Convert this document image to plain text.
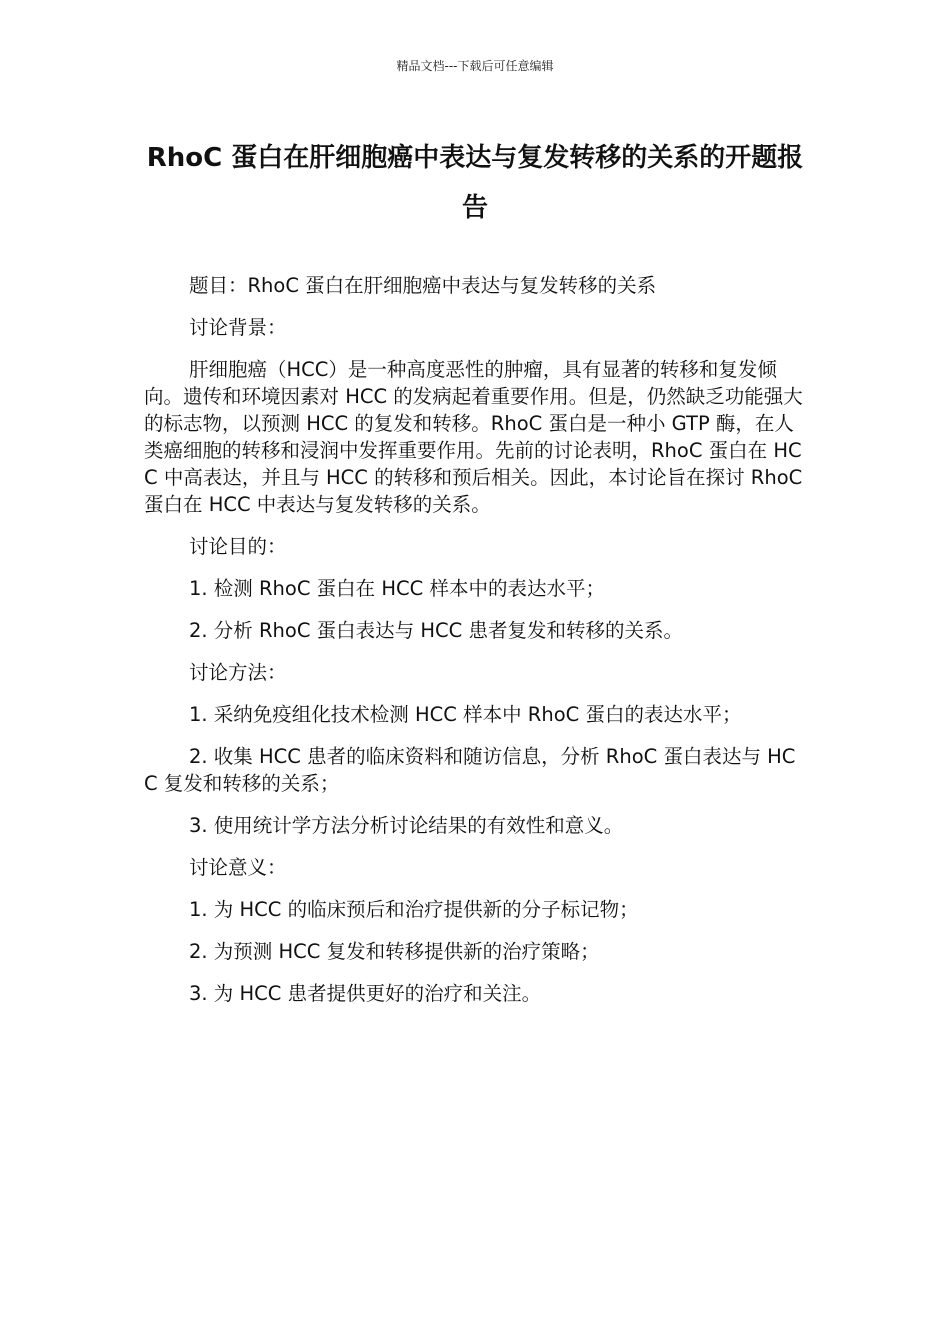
精品文档---下载后可任意编辑
RhoC 蛋白在肝细胞癌中表达与复发转移的关系的开题报告

题目：RhoC 蛋白在肝细胞癌中表达与复发转移的关系

讨论背景：

肝细胞癌（HCC）是一种高度恶性的肿瘤，具有显著的转移和复发倾向。遗传和环境因素对 HCC 的发病起着重要作用。但是，仍然缺乏功能强大的标志物，以预测 HCC 的复发和转移。RhoC 蛋白是一种小 GTP 酶，在人类癌细胞的转移和浸润中发挥重要作用。先前的讨论表明，RhoC 蛋白在 HCC 中高表达，并且与 HCC 的转移和预后相关。因此，本讨论旨在探讨 RhoC 蛋白在 HCC 中表达与复发转移的关系。

讨论目的：

1. 检测 RhoC 蛋白在 HCC 样本中的表达水平；

2. 分析 RhoC 蛋白表达与 HCC 患者复发和转移的关系。

讨论方法：

1. 采纳免疫组化技术检测 HCC 样本中 RhoC 蛋白的表达水平；

2. 收集 HCC 患者的临床资料和随访信息，分析 RhoC 蛋白表达与 HCC 复发和转移的关系；

3. 使用统计学方法分析讨论结果的有效性和意义。

讨论意义：

1. 为 HCC 的临床预后和治疗提供新的分子标记物；

2. 为预测 HCC 复发和转移提供新的治疗策略；

3. 为 HCC 患者提供更好的治疗和关注。
